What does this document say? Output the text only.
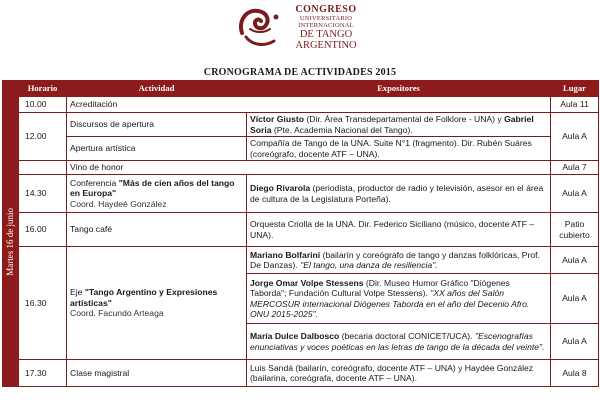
CONGRESO
UNIVERSITARIO INTERNACIONAL
DE TANGO
ARGENTINO
CRONOGRAMA DE ACTIVIDADES 2015
	Horario	Actividad	Expositores	Lugar

Martes 16 de junio	10.00	Acreditación		Aula 11
	12.00	Discursos de apertura	Víctor Giusto (Dir. Área Transdepartamental de Folklore - UNA) y Gabriel Soria (Pte. Academia Nacional del Tango).	Aula A
		Apertura artística	Compañía de Tango de la UNA. Suite N°1 (fragmento). Dir. Rubén Suáres (coreógrafo, docente ATF – UNA).	
		Vino de honor		Aula 7
	14.30	Conferencia "Más de cien años del tango en Europa"
Coord. Haydeé González	Diego Rivarola (periodista, productor de radio y televisión, asesor en el área de cultura de la Legislatura Porteña).	Aula A
	16.00	Tango café	Orquesta Criolla de la UNA. Dir. Federico Siciliano (músico, docente ATF – UNA).	Patio cubierto
	16.30	Eje "Tango Argentino y Expresiones artísticas"
Coord. Facundo Arteaga	Mariano Bolfarini (bailarín y coreógrafo de tango y danzas folklóricas, Prof. De Danzas). "El tango, una danza de resiliencia".	Aula A
			Jorge Omar Volpe Stessens (Dir. Museo Humor Gráfico "Diógenes Taborda"; Fundación Cultural Volpe Stessens). "XX años del Salón MERCOSUR internacional Diógenes Taborda en el año del Decenio Afro. ONU 2015-2025".	Aula A
			María Dulce Dalbosco (becaria doctoral CONICET/UCA). "Escenografías enunciativas y voces poéticas en las letras de tango de la década del veinte".	Aula A
	17.30	Clase magistral	Luis Sandá (bailarín, coreógrafo, docente ATF – UNA) y Haydée González (bailarina, coreógrafa, docente ATF – UNA).	Aula 8
